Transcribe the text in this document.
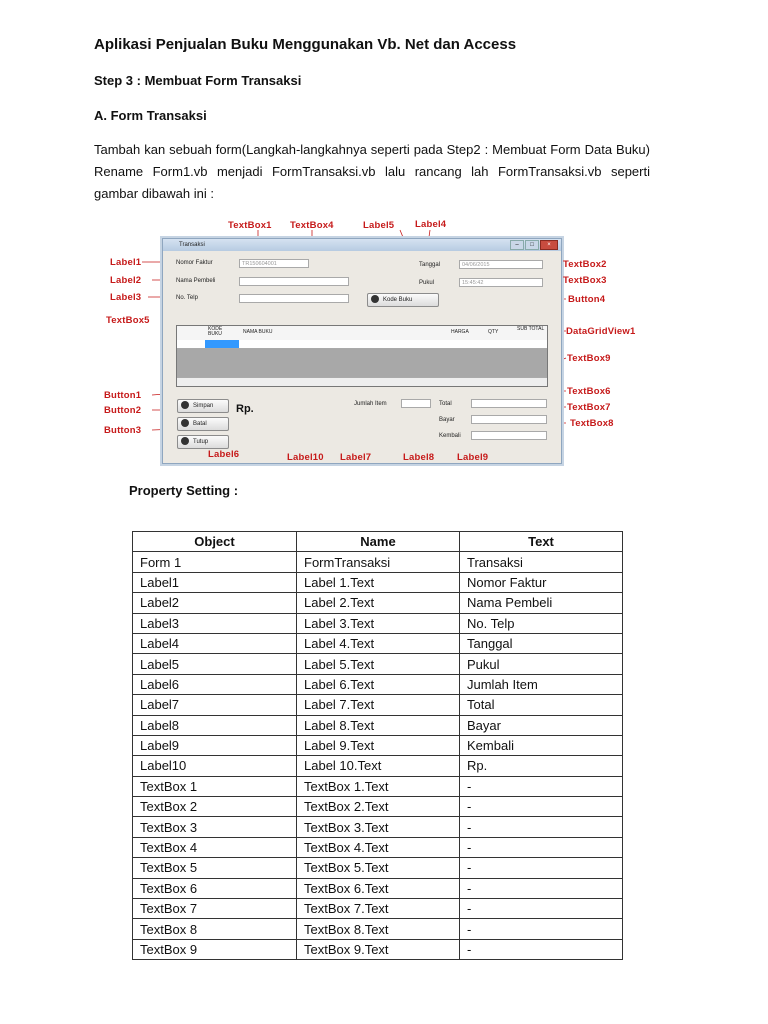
Aplikasi Penjualan Buku Menggunakan Vb. Net dan Access
Step 3 : Membuat Form Transaksi
A. Form Transaksi
Tambah kan sebuah form(Langkah-langkahnya seperti pada Step2 : Membuat Form Data Buku) Rename Form1.vb menjadi FormTransaksi.vb lalu rancang lah FormTransaksi.vb seperti gambar dibawah ini :
Transaksi	–	□	×
Nomor Faktur	TR150604001
Nama Pembeli
No. Telp
Tanggal	04/06/2015
Pukul	15:45:42
Kode Buku
KODE BUKU	NAMA BUKU	HARGA	QTY	SUB TOTAL
Jumlah Item	Total
Bayar
Kembali
Simpan
Batal
Tutup
Rp.
TextBox1 TextBox4	Label5 Label4
Label1
Label2
Label3
TextBox5
Button1
Button2
Button3
TextBox2
TextBox3
Button4
DataGridView1
TextBox9
TextBox6
TextBox7
TextBox8
Label6	Label10 Label7	Label8 Label9
Property Setting :
Object	Name	Text
Form 1	FormTransaksi	Transaksi
Label1	Label 1.Text	Nomor Faktur
Label2	Label 2.Text	Nama Pembeli
Label3	Label 3.Text	No. Telp
Label4	Label 4.Text	Tanggal
Label5	Label 5.Text	Pukul
Label6	Label 6.Text	Jumlah Item
Label7	Label 7.Text	Total
Label8	Label 8.Text	Bayar
Label9	Label 9.Text	Kembali
Label10	Label 10.Text	Rp.
TextBox 1	TextBox 1.Text	-
TextBox 2	TextBox 2.Text	-
TextBox 3	TextBox 3.Text	-
TextBox 4	TextBox 4.Text	-
TextBox 5	TextBox 5.Text	-
TextBox 6	TextBox 6.Text	-
TextBox 7	TextBox 7.Text	-
TextBox 8	TextBox 8.Text	-
TextBox 9	TextBox 9.Text	-
